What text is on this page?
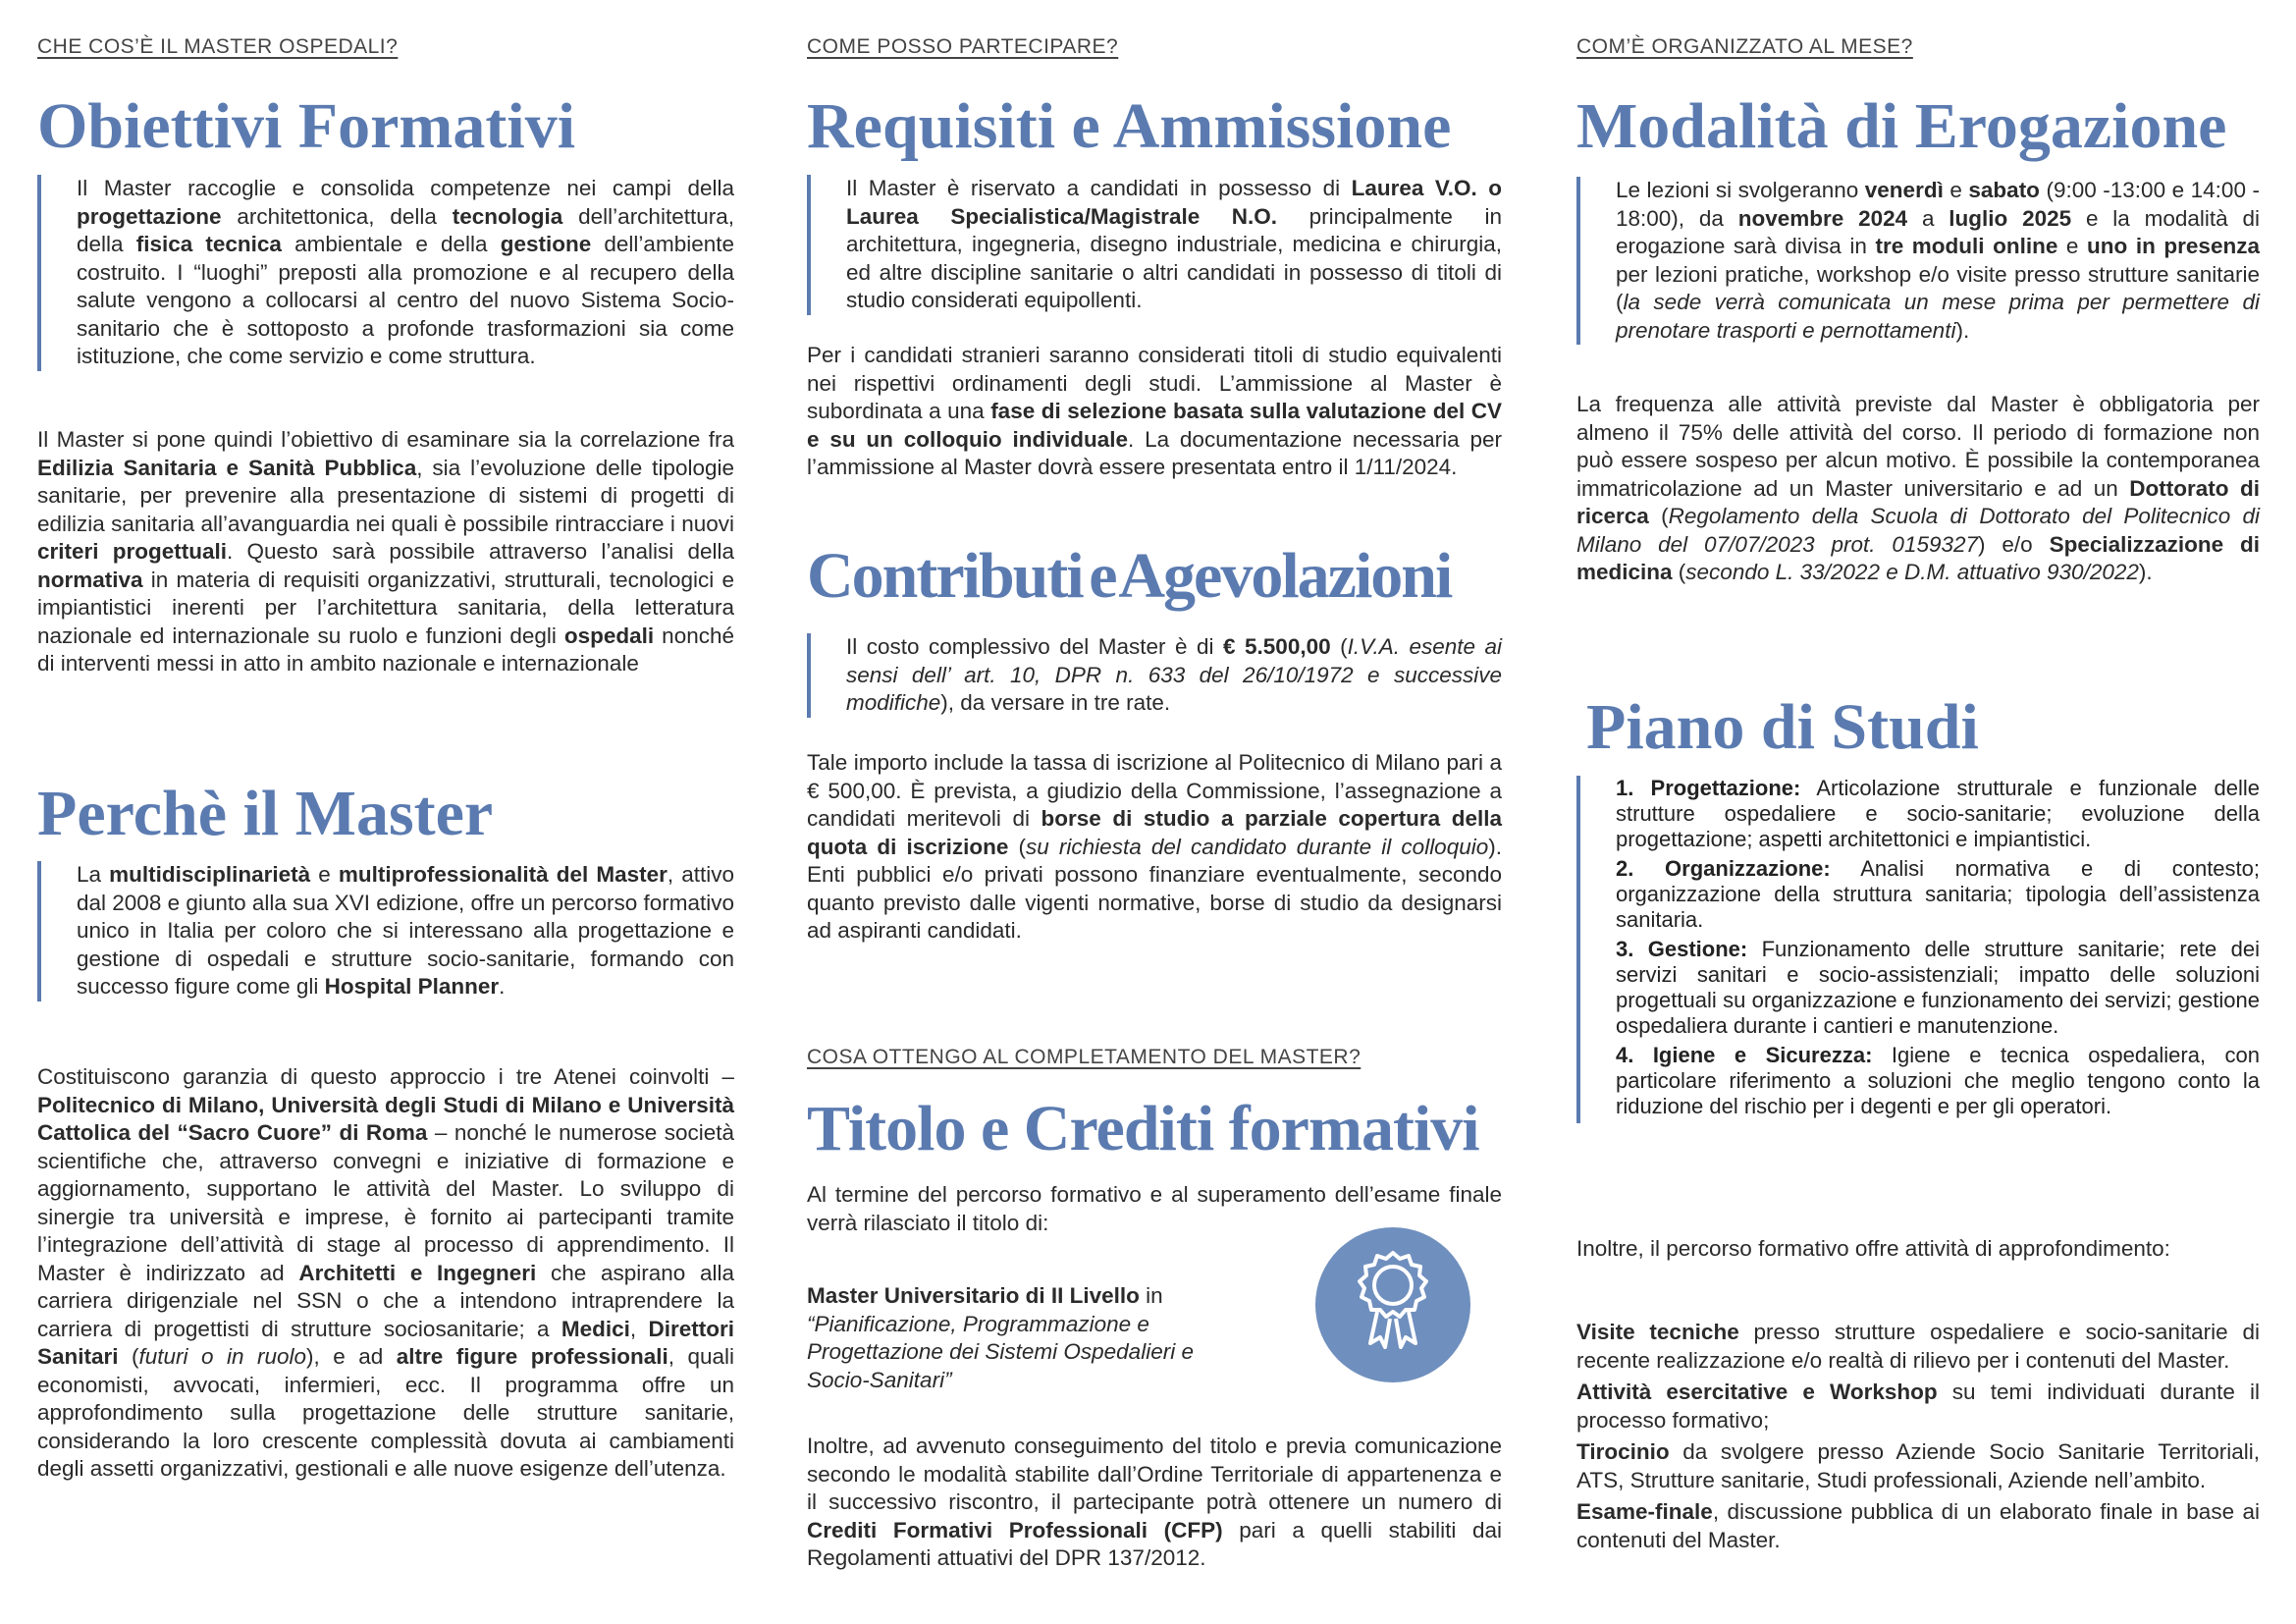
CHE COS’È IL MASTER OSPEDALI?

Obiettivi Formativi

Il Master raccoglie e consolida competenze nei campi della progettazione architettonica, della tecnologia dell’architettura, della fisica tecnica ambientale e della gestione dell’ambiente costruito. I “luoghi” preposti alla promozione e al recupero della salute vengono a collocarsi al centro del nuovo Sistema Socio-sanitario che è sottoposto a profonde trasformazioni sia come istituzione, che come servizio e come struttura.

Il Master si pone quindi l’obiettivo di esaminare sia la correlazione fra Edilizia Sanitaria e Sanità Pubblica, sia l’evoluzione delle tipologie sanitarie, per prevenire alla presentazione di sistemi di progetti di edilizia sanitaria all’avanguardia nei quali è possibile rintracciare i nuovi criteri progettuali. Questo sarà possibile attraverso l’analisi della normativa in materia di requisiti organizzativi, strutturali, tecnologici e impiantistici inerenti per l’architettura sanitaria, della letteratura nazionale ed internazionale su ruolo e funzioni degli ospedali nonché di interventi messi in atto in ambito nazionale e internazionale

Perchè il Master

La multidisciplinarietà e multiprofessionalità del Master, attivo dal 2008 e giunto alla sua XVI edizione, offre un percorso formativo unico in Italia per coloro che si interessano alla progettazione e gestione di ospedali e strutture socio-sanitarie, formando con successo figure come gli Hospital Planner.

Costituiscono garanzia di questo approccio i tre Atenei coinvolti – Politecnico di Milano, Università degli Studi di Milano e Università Cattolica del “Sacro Cuore” di Roma – nonché le numerose società scientifiche che, attraverso convegni e iniziative di formazione e aggiornamento, supportano le attività del Master. Lo sviluppo di sinergie tra università e imprese, è fornito ai partecipanti tramite l’integrazione dell’attività di stage al processo di apprendimento. Il Master è indirizzato ad Architetti e Ingegneri che aspirano alla carriera dirigenziale nel SSN o che a intendono intraprendere la carriera di progettisti di strutture sociosanitarie; a Medici, Direttori Sanitari (futuri o in ruolo), e ad altre figure professionali, quali economisti, avvocati, infermieri, ecc. Il programma offre un approfondimento sulla progettazione delle strutture sanitarie, considerando la loro crescente complessità dovuta ai cambiamenti degli assetti organizzativi, gestionali e alle nuove esigenze dell’utenza.

COME POSSO PARTECIPARE?

Requisiti e Ammissione

Il Master è riservato a candidati in possesso di Laurea V.O. o Laurea Specialistica/Magistrale N.O. principalmente in architettura, ingegneria, disegno industriale, medicina e chirurgia, ed altre discipline sanitarie o altri candidati in possesso di titoli di studio considerati equipollenti.

Per i candidati stranieri saranno considerati titoli di studio equivalenti nei rispettivi ordinamenti degli studi. L’ammissione al Master è subordinata a una fase di selezione basata sulla valutazione del CV e su un colloquio individuale. La documentazione necessaria per l’ammissione al Master dovrà essere presentata entro il 1/11/2024.

Contributi e Agevolazioni

Il costo complessivo del Master è di € 5.500,00 (I.V.A. esente ai sensi dell’ art. 10, DPR n. 633 del 26/10/1972 e successive modifiche), da versare in tre rate.

Tale importo include la tassa di iscrizione al Politecnico di Milano pari a € 500,00. È prevista, a giudizio della Commissione, l’assegnazione a candidati meritevoli di borse di studio a parziale copertura della quota di iscrizione (su richiesta del candidato durante il colloquio). Enti pubblici e/o privati possono finanziare eventualmente, secondo quanto previsto dalle vigenti normative, borse di studio da designarsi ad aspiranti candidati.

COSA OTTENGO AL COMPLETAMENTO DEL MASTER?

Titolo e Crediti formativi

Al termine del percorso formativo e al superamento dell’esame finale verrà rilasciato il titolo di:

Master Universitario di II Livello in “Pianificazione, Programmazione e Progettazione dei Sistemi Ospedalieri e Socio-Sanitari”

Inoltre, ad avvenuto conseguimento del titolo e previa comunicazione secondo le modalità stabilite dall’Ordine Territoriale di appartenenza e il successivo riscontro, il partecipante potrà ottenere un numero di Crediti Formativi Professionali (CFP) pari a quelli stabiliti dai Regolamenti attuativi del DPR 137/2012.

COM’È ORGANIZZATO AL MESE?

Modalità di Erogazione

Le lezioni si svolgeranno venerdì e sabato (9:00 -13:00 e 14:00 - 18:00), da novembre 2024 a luglio 2025 e la modalità di erogazione sarà divisa in tre moduli online e uno in presenza per lezioni pratiche, workshop e/o visite presso strutture sanitarie (la sede verrà comunicata un mese prima per permettere di prenotare trasporti e pernottamenti).

La frequenza alle attività previste dal Master è obbligatoria per almeno il 75% delle attività del corso. Il periodo di formazione non può essere sospeso per alcun motivo. È possibile la contemporanea immatricolazione ad un Master universitario e ad un Dottorato di ricerca (Regolamento della Scuola di Dottorato del Politecnico di Milano del 07/07/2023 prot. 0159327) e/o Specializzazione di medicina (secondo L. 33/2022 e D.M. attuativo 930/2022).

Piano di Studi
1. Progettazione: Articolazione strutturale e funzionale delle strutture ospedaliere e socio-sanitarie; evoluzione della progettazione; aspetti architettonici e impiantistici.
2. Organizzazione: Analisi normativa e di contesto; organizzazione della struttura sanitaria; tipologia dell’assistenza sanitaria.
3. Gestione: Funzionamento delle strutture sanitarie; rete dei servizi sanitari e socio-assistenziali; impatto delle soluzioni progettuali su organizzazione e funzionamento dei servizi; gestione ospedaliera durante i cantieri e manutenzione.
4. Igiene e Sicurezza: Igiene e tecnica ospedaliera, con particolare riferimento a soluzioni che meglio tengono conto la riduzione del rischio per i degenti e per gli operatori.

Inoltre, il percorso formativo offre attività di approfondimento:

Visite tecniche presso strutture ospedaliere e socio-sanitarie di recente realizzazione e/o realtà di rilievo per i contenuti del Master.

Attività esercitative e Workshop su temi individuati durante il processo formativo;

Tirocinio da svolgere presso Aziende Socio Sanitarie Territoriali, ATS, Strutture sanitarie, Studi professionali, Aziende nell’ambito.

Esame-finale, discussione pubblica di un elaborato finale in base ai contenuti del Master.
